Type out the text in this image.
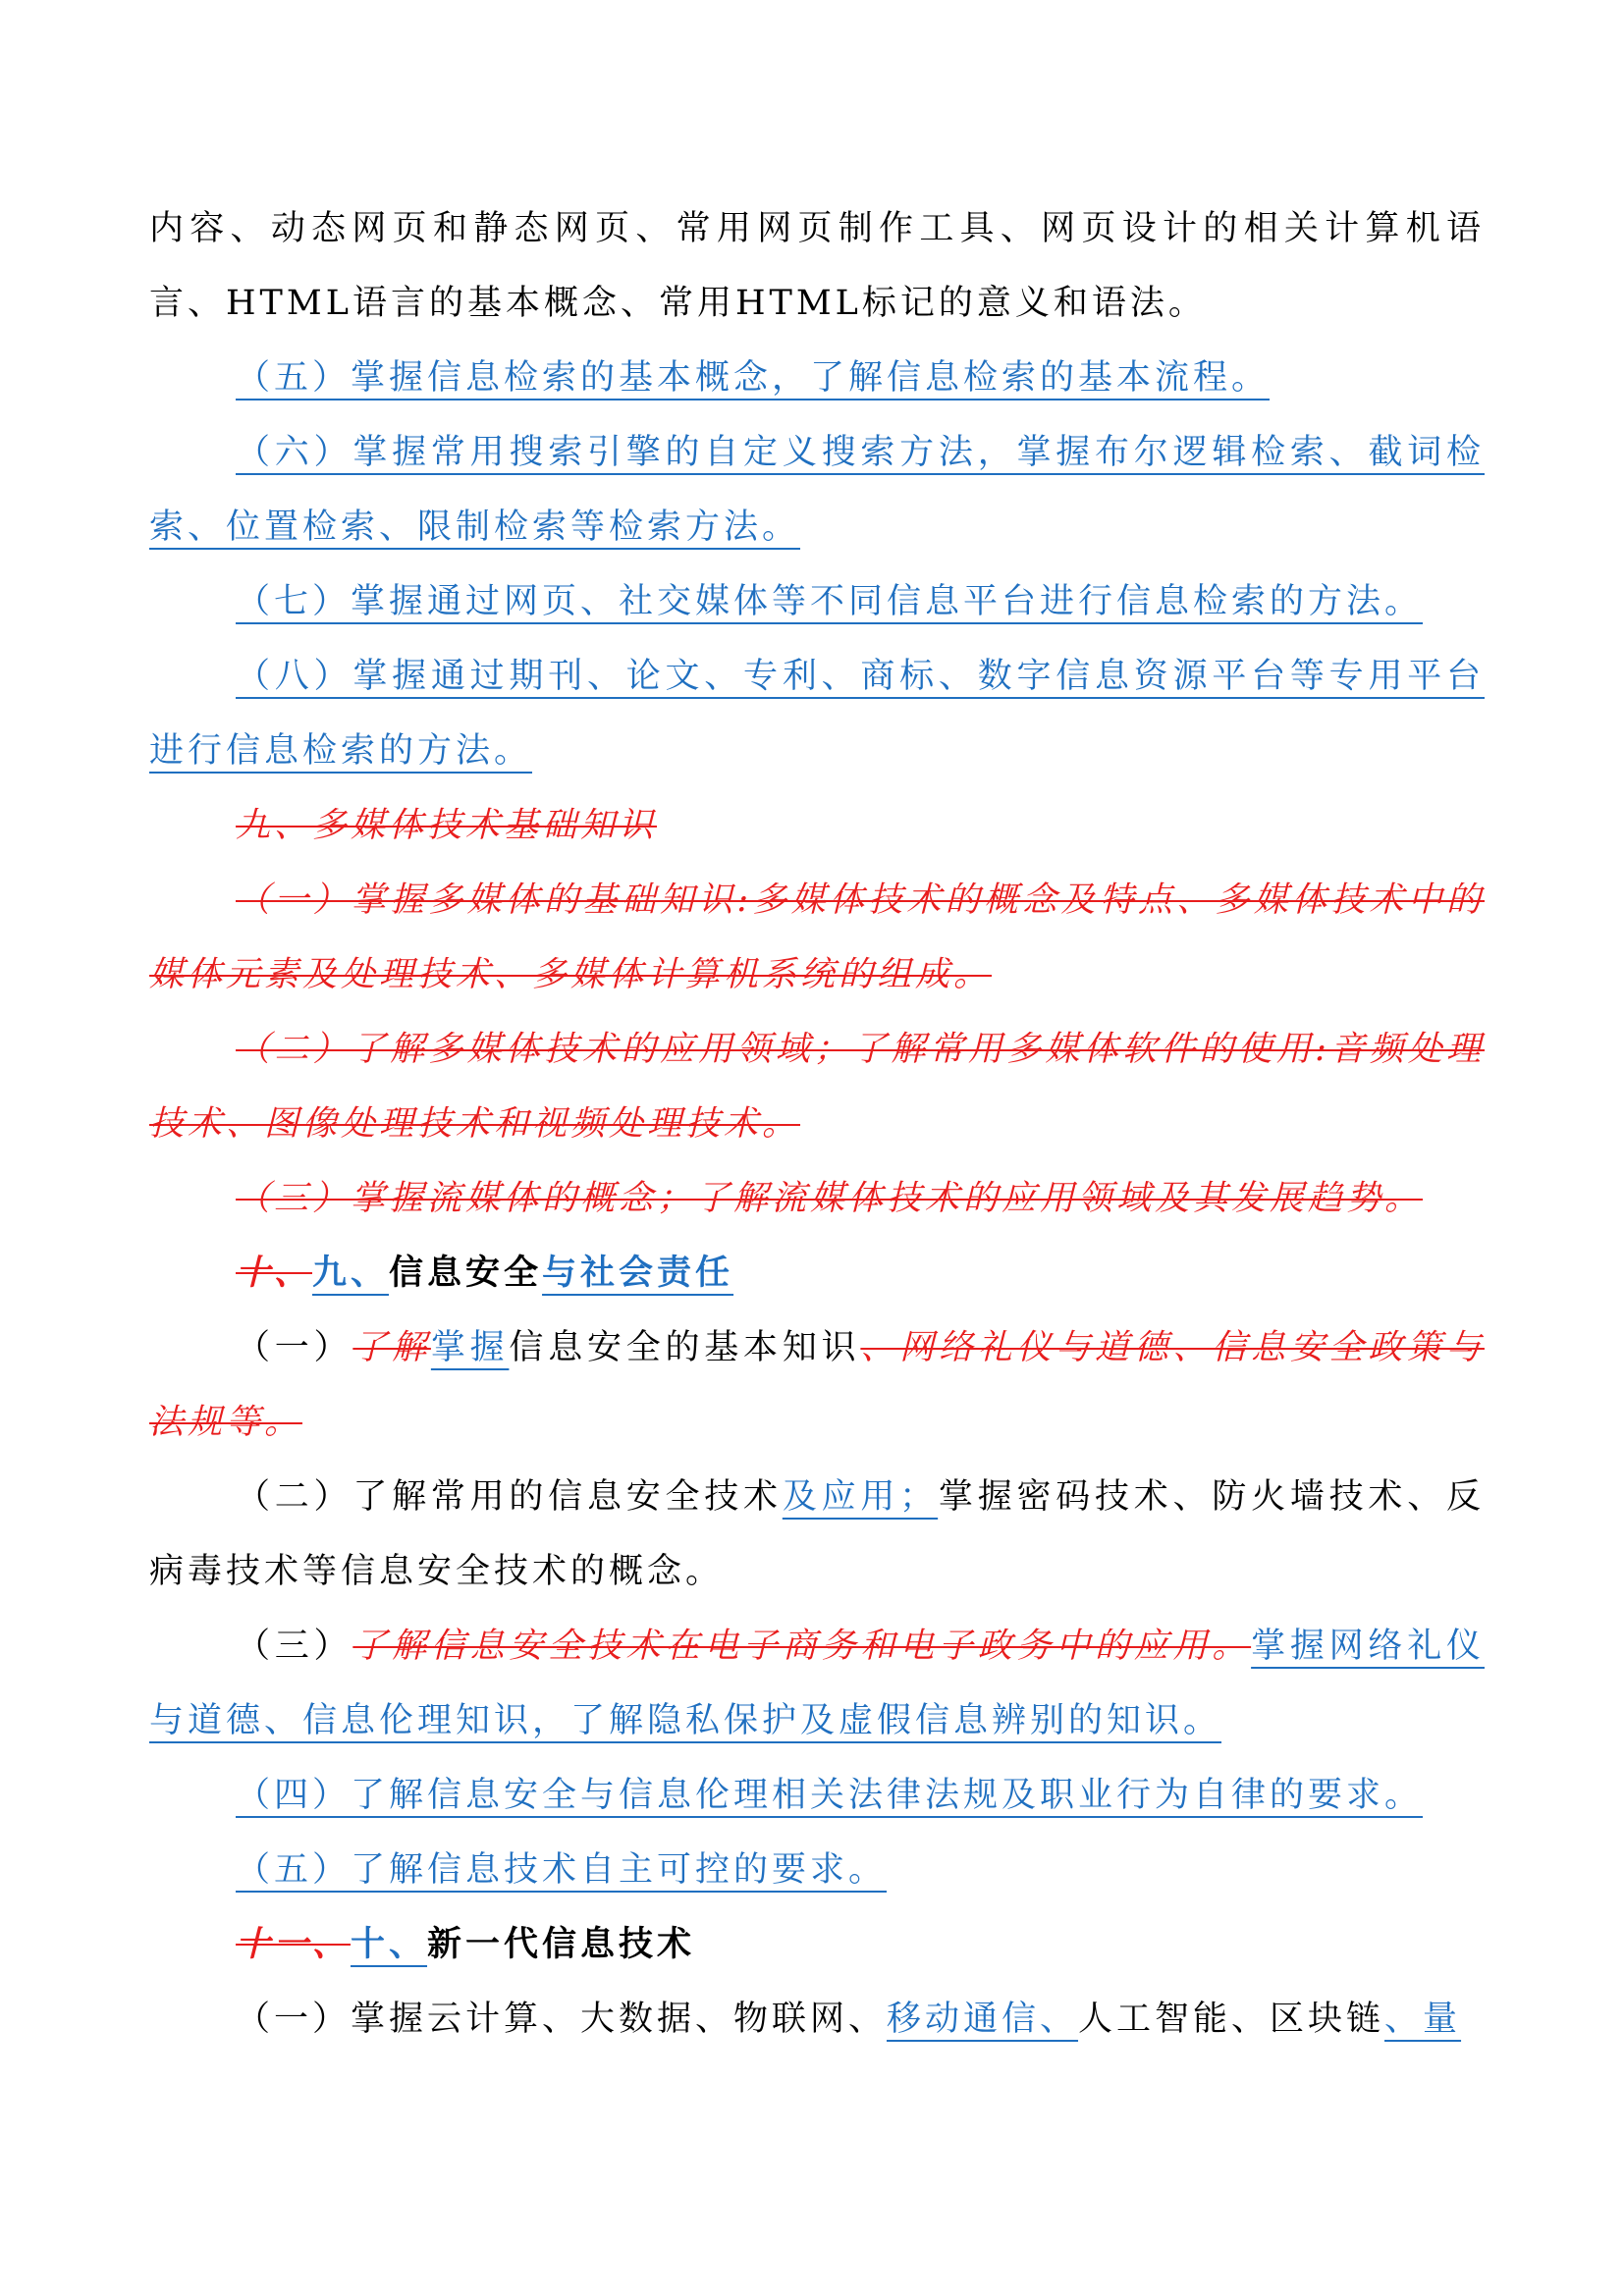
内容、动态网页和静态网页、常用网页制作工具、网页设计的相关计算机语言、HTML语言的基本概念、常用HTML标记的意义和语法。

（五）掌握信息检索的基本概念，了解信息检索的基本流程。

（六）掌握常用搜索引擎的自定义搜索方法，掌握布尔逻辑检索、截词检索、位置检索、限制检索等检索方法。

（七）掌握通过网页、社交媒体等不同信息平台进行信息检索的方法。

（八）掌握通过期刊、论文、专利、商标、数字信息资源平台等专用平台进行信息检索的方法。

九、多媒体技术基础知识

（一）掌握多媒体的基础知识:多媒体技术的概念及特点、多媒体技术中的媒体元素及处理技术、多媒体计算机系统的组成。

（二）了解多媒体技术的应用领域；了解常用多媒体软件的使用:音频处理技术、图像处理技术和视频处理技术。

（三）掌握流媒体的概念；了解流媒体技术的应用领域及其发展趋势。

十、九、信息安全与社会责任

（一）了解掌握信息安全的基本知识、网络礼仪与道德、信息安全政策与法规等。

（二）了解常用的信息安全技术及应用；掌握密码技术、防火墙技术、反病毒技术等信息安全技术的概念。

（三）了解信息安全技术在电子商务和电子政务中的应用。掌握网络礼仪与道德、信息伦理知识，了解隐私保护及虚假信息辨别的知识。

（四）了解信息安全与信息伦理相关法律法规及职业行为自律的要求。

（五）了解信息技术自主可控的要求。

十一、十、新一代信息技术

（一）掌握云计算、大数据、物联网、移动通信、人工智能、区块链、量
